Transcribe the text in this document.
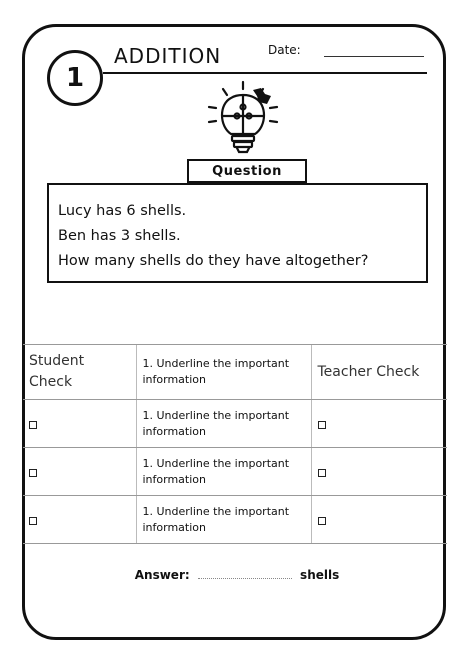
1
ADDITION	Date:
Question
Lucy has 6 shells.
Ben has 3 shells.
How many shells do they have altogether?
Student Check	1. Underline the important information	Teacher Check
	1. Underline the important information	
	1. Underline the important information	
	1. Underline the important information	
Answer:	shells
